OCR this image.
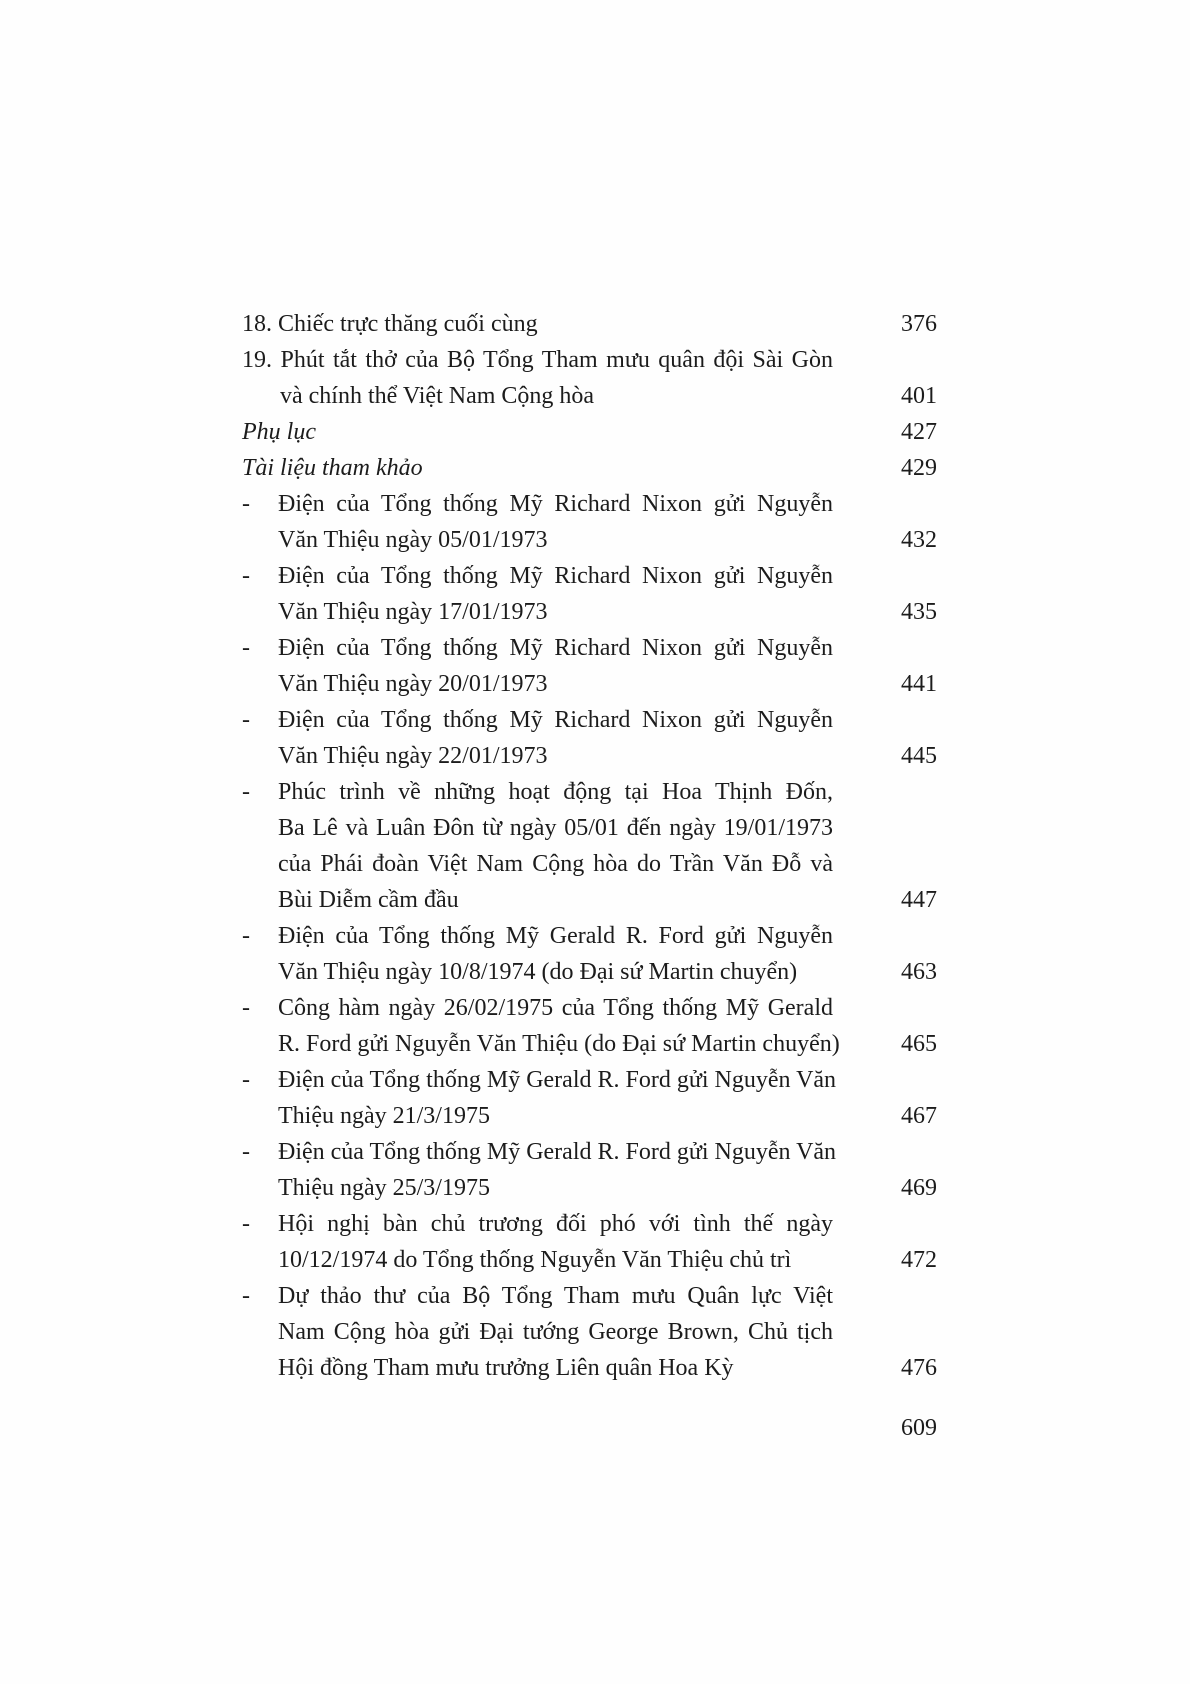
18. Chiếc trực thăng cuối cùng	376
19. Phút tắt thở của Bộ Tổng Tham mưu quân đội Sài Gòn
và chính thể Việt Nam Cộng hòa	401
Phụ lục	427
Tài liệu tham khảo	429
- Điện của Tổng thống Mỹ Richard Nixon gửi Nguyễn
Văn Thiệu ngày 05/01/1973	432
- Điện của Tổng thống Mỹ Richard Nixon gửi Nguyễn
Văn Thiệu ngày 17/01/1973	435
- Điện của Tổng thống Mỹ Richard Nixon gửi Nguyễn
Văn Thiệu ngày 20/01/1973	441
- Điện của Tổng thống Mỹ Richard Nixon gửi Nguyễn
Văn Thiệu ngày 22/01/1973	445
- Phúc trình về những hoạt động tại Hoa Thịnh Đốn,
Ba Lê và Luân Đôn từ ngày 05/01 đến ngày 19/01/1973
của Phái đoàn Việt Nam Cộng hòa do Trần Văn Đỗ và
Bùi Diễm cầm đầu	447
- Điện của Tổng thống Mỹ Gerald R. Ford gửi Nguyễn
Văn Thiệu ngày 10/8/1974 (do Đại sứ Martin chuyển)	463
- Công hàm ngày 26/02/1975 của Tổng thống Mỹ Gerald
R. Ford gửi Nguyễn Văn Thiệu (do Đại sứ Martin chuyển)	465
- Điện của Tổng thống Mỹ Gerald R. Ford gửi Nguyễn Văn
Thiệu ngày 21/3/1975	467
- Điện của Tổng thống Mỹ Gerald R. Ford gửi Nguyễn Văn
Thiệu ngày 25/3/1975	469
- Hội nghị bàn chủ trương đối phó với tình thế ngày
10/12/1974 do Tổng thống Nguyễn Văn Thiệu chủ trì	472
- Dự thảo thư của Bộ Tổng Tham mưu Quân lực Việt
Nam Cộng hòa gửi Đại tướng George Brown, Chủ tịch
Hội đồng Tham mưu trưởng Liên quân Hoa Kỳ	476
609
